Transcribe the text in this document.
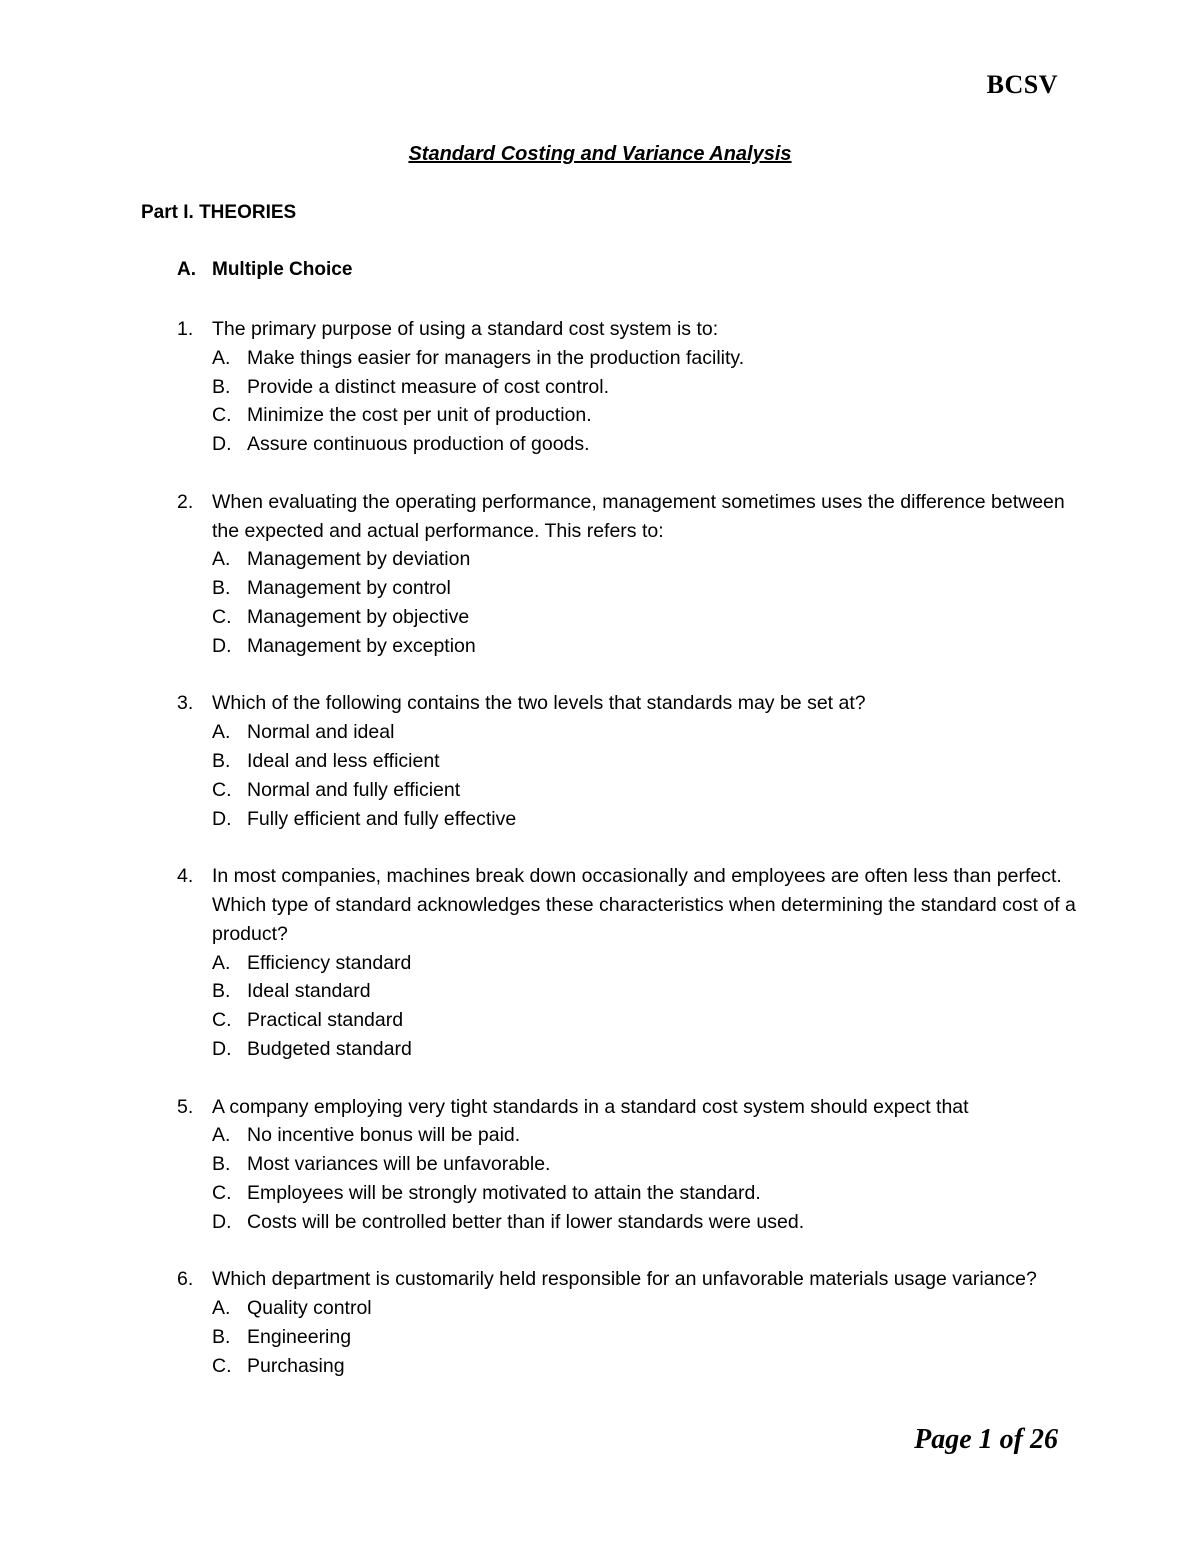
BCSV
Standard Costing and Variance Analysis
Part I. THEORIES
A. Multiple Choice
1. The primary purpose of using a standard cost system is to:
A. Make things easier for managers in the production facility.
B. Provide a distinct measure of cost control.
C. Minimize the cost per unit of production.
D. Assure continuous production of goods.
2. When evaluating the operating performance, management sometimes uses the difference between the expected and actual performance. This refers to:
A. Management by deviation
B. Management by control
C. Management by objective
D. Management by exception
3. Which of the following contains the two levels that standards may be set at?
A. Normal and ideal
B. Ideal and less efficient
C. Normal and fully efficient
D. Fully efficient and fully effective
4. In most companies, machines break down occasionally and employees are often less than perfect. Which type of standard acknowledges these characteristics when determining the standard cost of a product?
A. Efficiency standard
B. Ideal standard
C. Practical standard
D. Budgeted standard
5. A company employing very tight standards in a standard cost system should expect that
A. No incentive bonus will be paid.
B. Most variances will be unfavorable.
C. Employees will be strongly motivated to attain the standard.
D. Costs will be controlled better than if lower standards were used.
6. Which department is customarily held responsible for an unfavorable materials usage variance?
A. Quality control
B. Engineering
C. Purchasing
Page 1 of 26
